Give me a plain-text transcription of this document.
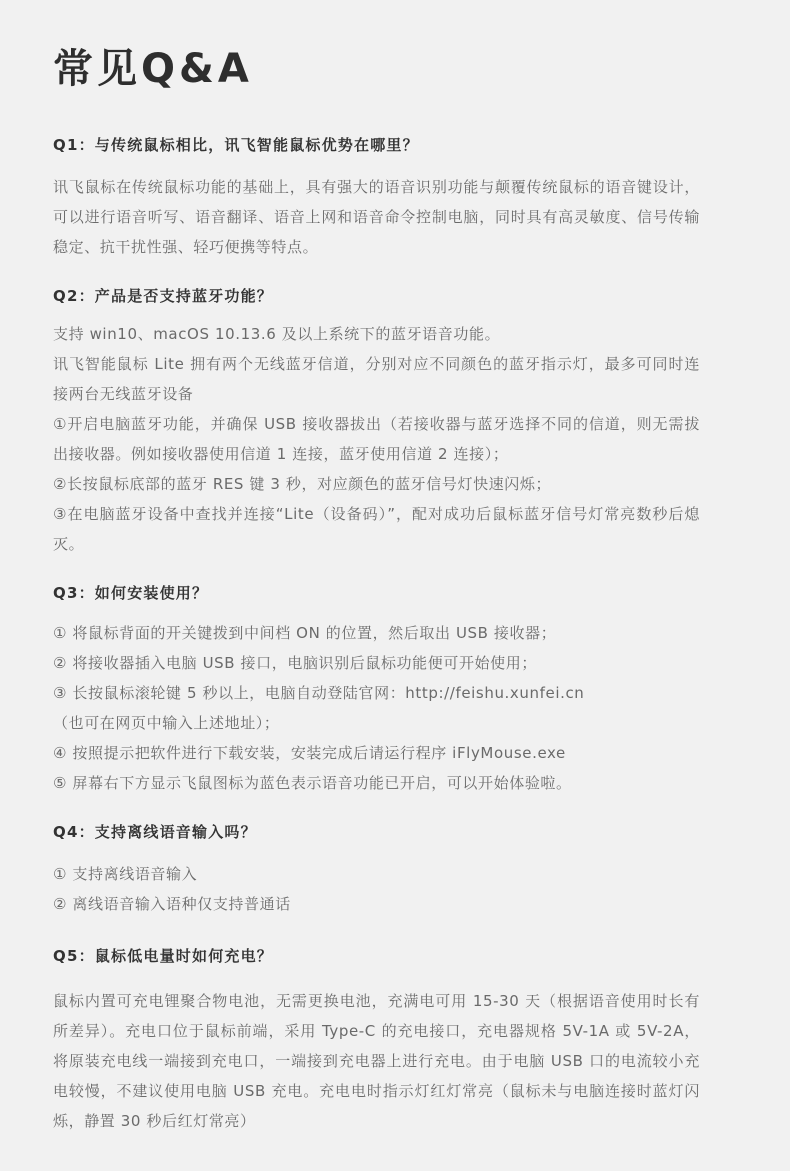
常见Q&A
Q1：与传统鼠标相比，讯飞智能鼠标优势在哪里？

讯飞鼠标在传统鼠标功能的基础上，具有强大的语音识别功能与颠覆传统鼠标的语音键设计，可以进行语音听写、语音翻译、语音上网和语音命令控制电脑，同时具有高灵敏度、信号传输稳定、抗干扰性强、轻巧便携等特点。

Q2：产品是否支持蓝牙功能？

支持 win10、macOS 10.13.6 及以上系统下的蓝牙语音功能。

讯飞智能鼠标 Lite 拥有两个无线蓝牙信道，分别对应不同颜色的蓝牙指示灯，最多可同时连接两台无线蓝牙设备

①开启电脑蓝牙功能，并确保 USB 接收器拔出（若接收器与蓝牙选择不同的信道，则无需拔出接收器。例如接收器使用信道 1 连接，蓝牙使用信道 2 连接）；

②长按鼠标底部的蓝牙 RES 键 3 秒，对应颜色的蓝牙信号灯快速闪烁；

③在电脑蓝牙设备中查找并连接“Lite（设备码）”，配对成功后鼠标蓝牙信号灯常亮数秒后熄灭。

Q3：如何安装使用？

① 将鼠标背面的开关键拨到中间档 ON 的位置，然后取出 USB 接收器；

② 将接收器插入电脑 USB 接口，电脑识别后鼠标功能便可开始使用；

③ 长按鼠标滚轮键 5 秒以上，电脑自动登陆官网：http://feishu.xunfei.cn

（也可在网页中输入上述地址）；

④ 按照提示把软件进行下载安装，安装完成后请运行程序 iFlyMouse.exe

⑤ 屏幕右下方显示飞鼠图标为蓝色表示语音功能已开启，可以开始体验啦。

Q4：支持离线语音输入吗？

① 支持离线语音输入

② 离线语音输入语种仅支持普通话

Q5：鼠标低电量时如何充电？

鼠标内置可充电锂聚合物电池，无需更换电池，充满电可用 15-30 天（根据语音使用时长有所差异）。充电口位于鼠标前端，采用 Type-C 的充电接口，充电器规格 5V-1A 或 5V-2A，将原装充电线一端接到充电口，一端接到充电器上进行充电。由于电脑 USB 口的电流较小充电较慢，不建议使用电脑 USB 充电。充电电时指示灯红灯常亮（鼠标未与电脑连接时蓝灯闪烁，静置 30 秒后红灯常亮）
